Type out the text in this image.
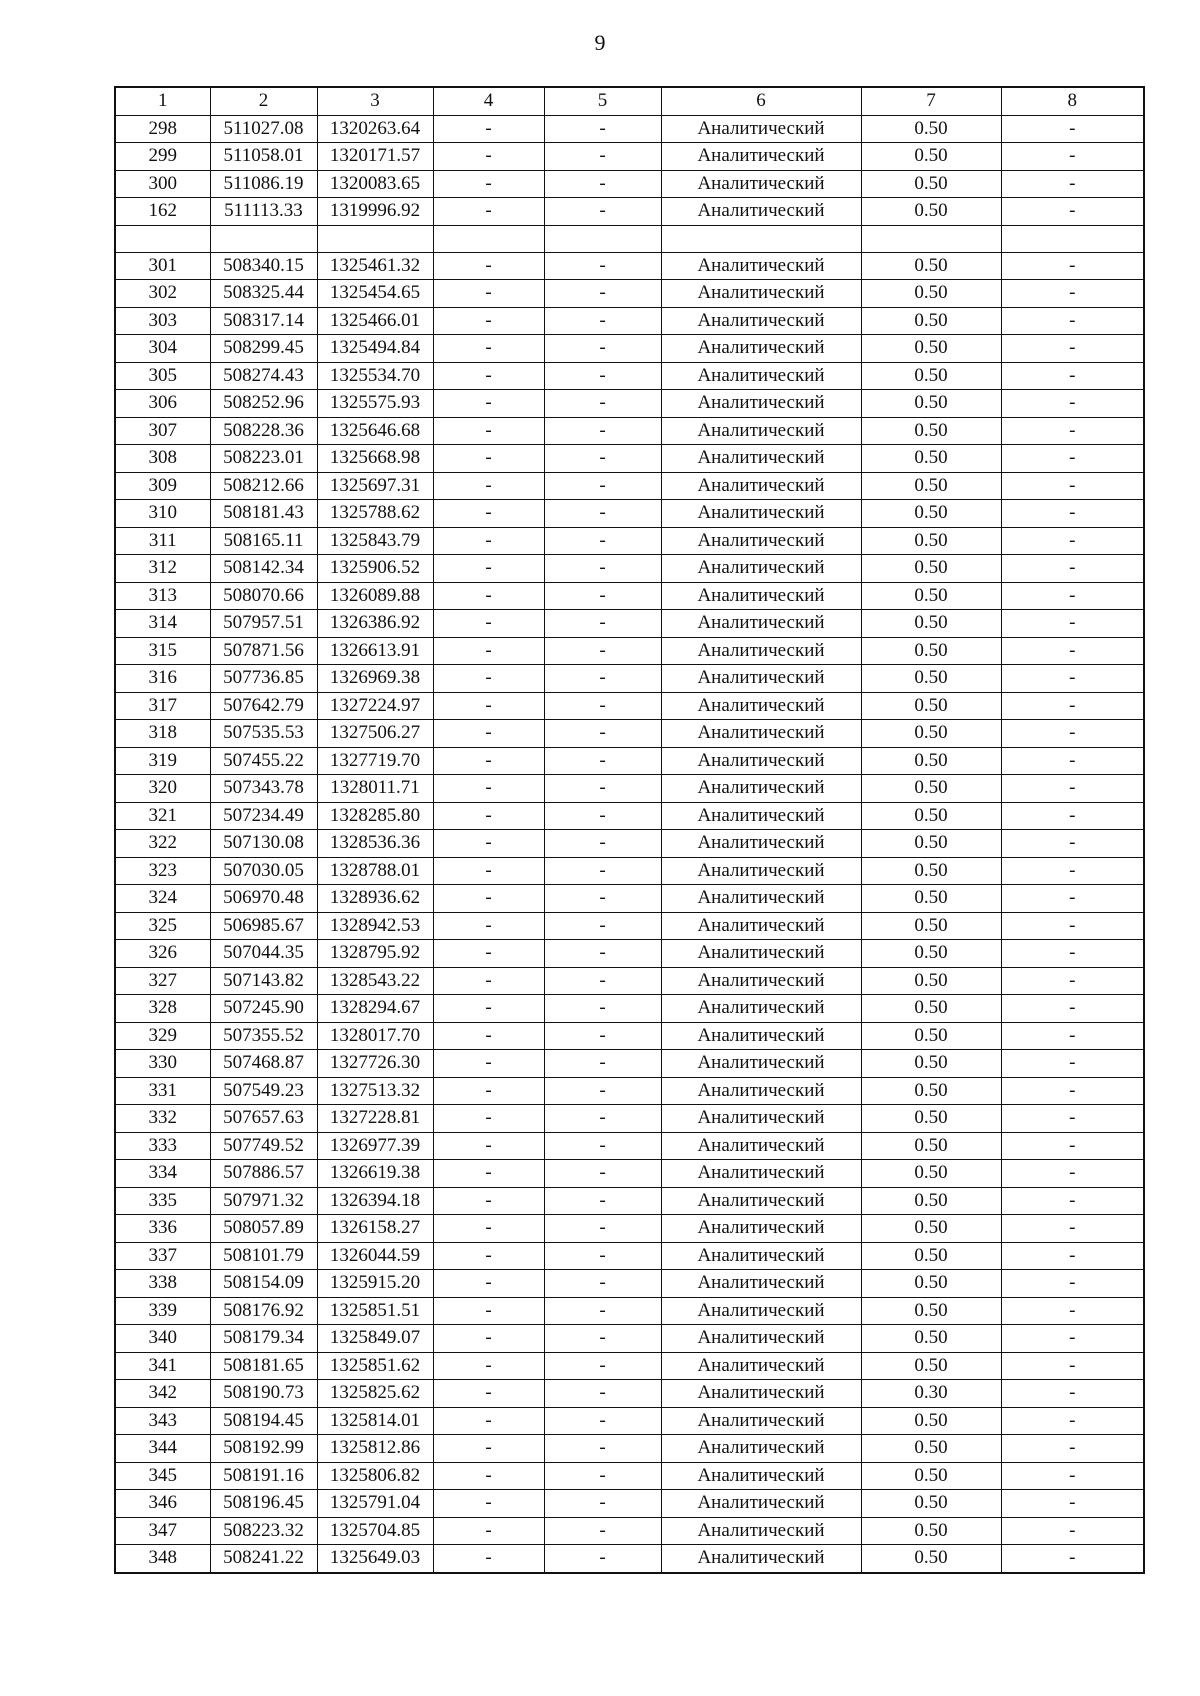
9
1	2	3	4	5	6	7	8
298	511027.08	1320263.64	-	-	Аналитический	0.50	-
299	511058.01	1320171.57	-	-	Аналитический	0.50	-
300	511086.19	1320083.65	-	-	Аналитический	0.50	-
162	511113.33	1319996.92	-	-	Аналитический	0.50	-

301	508340.15	1325461.32	-	-	Аналитический	0.50	-
302	508325.44	1325454.65	-	-	Аналитический	0.50	-
303	508317.14	1325466.01	-	-	Аналитический	0.50	-
304	508299.45	1325494.84	-	-	Аналитический	0.50	-
305	508274.43	1325534.70	-	-	Аналитический	0.50	-
306	508252.96	1325575.93	-	-	Аналитический	0.50	-
307	508228.36	1325646.68	-	-	Аналитический	0.50	-
308	508223.01	1325668.98	-	-	Аналитический	0.50	-
309	508212.66	1325697.31	-	-	Аналитический	0.50	-
310	508181.43	1325788.62	-	-	Аналитический	0.50	-
311	508165.11	1325843.79	-	-	Аналитический	0.50	-
312	508142.34	1325906.52	-	-	Аналитический	0.50	-
313	508070.66	1326089.88	-	-	Аналитический	0.50	-
314	507957.51	1326386.92	-	-	Аналитический	0.50	-
315	507871.56	1326613.91	-	-	Аналитический	0.50	-
316	507736.85	1326969.38	-	-	Аналитический	0.50	-
317	507642.79	1327224.97	-	-	Аналитический	0.50	-
318	507535.53	1327506.27	-	-	Аналитический	0.50	-
319	507455.22	1327719.70	-	-	Аналитический	0.50	-
320	507343.78	1328011.71	-	-	Аналитический	0.50	-
321	507234.49	1328285.80	-	-	Аналитический	0.50	-
322	507130.08	1328536.36	-	-	Аналитический	0.50	-
323	507030.05	1328788.01	-	-	Аналитический	0.50	-
324	506970.48	1328936.62	-	-	Аналитический	0.50	-
325	506985.67	1328942.53	-	-	Аналитический	0.50	-
326	507044.35	1328795.92	-	-	Аналитический	0.50	-
327	507143.82	1328543.22	-	-	Аналитический	0.50	-
328	507245.90	1328294.67	-	-	Аналитический	0.50	-
329	507355.52	1328017.70	-	-	Аналитический	0.50	-
330	507468.87	1327726.30	-	-	Аналитический	0.50	-
331	507549.23	1327513.32	-	-	Аналитический	0.50	-
332	507657.63	1327228.81	-	-	Аналитический	0.50	-
333	507749.52	1326977.39	-	-	Аналитический	0.50	-
334	507886.57	1326619.38	-	-	Аналитический	0.50	-
335	507971.32	1326394.18	-	-	Аналитический	0.50	-
336	508057.89	1326158.27	-	-	Аналитический	0.50	-
337	508101.79	1326044.59	-	-	Аналитический	0.50	-
338	508154.09	1325915.20	-	-	Аналитический	0.50	-
339	508176.92	1325851.51	-	-	Аналитический	0.50	-
340	508179.34	1325849.07	-	-	Аналитический	0.50	-
341	508181.65	1325851.62	-	-	Аналитический	0.50	-
342	508190.73	1325825.62	-	-	Аналитический	0.30	-
343	508194.45	1325814.01	-	-	Аналитический	0.50	-
344	508192.99	1325812.86	-	-	Аналитический	0.50	-
345	508191.16	1325806.82	-	-	Аналитический	0.50	-
346	508196.45	1325791.04	-	-	Аналитический	0.50	-
347	508223.32	1325704.85	-	-	Аналитический	0.50	-
348	508241.22	1325649.03	-	-	Аналитический	0.50	-
